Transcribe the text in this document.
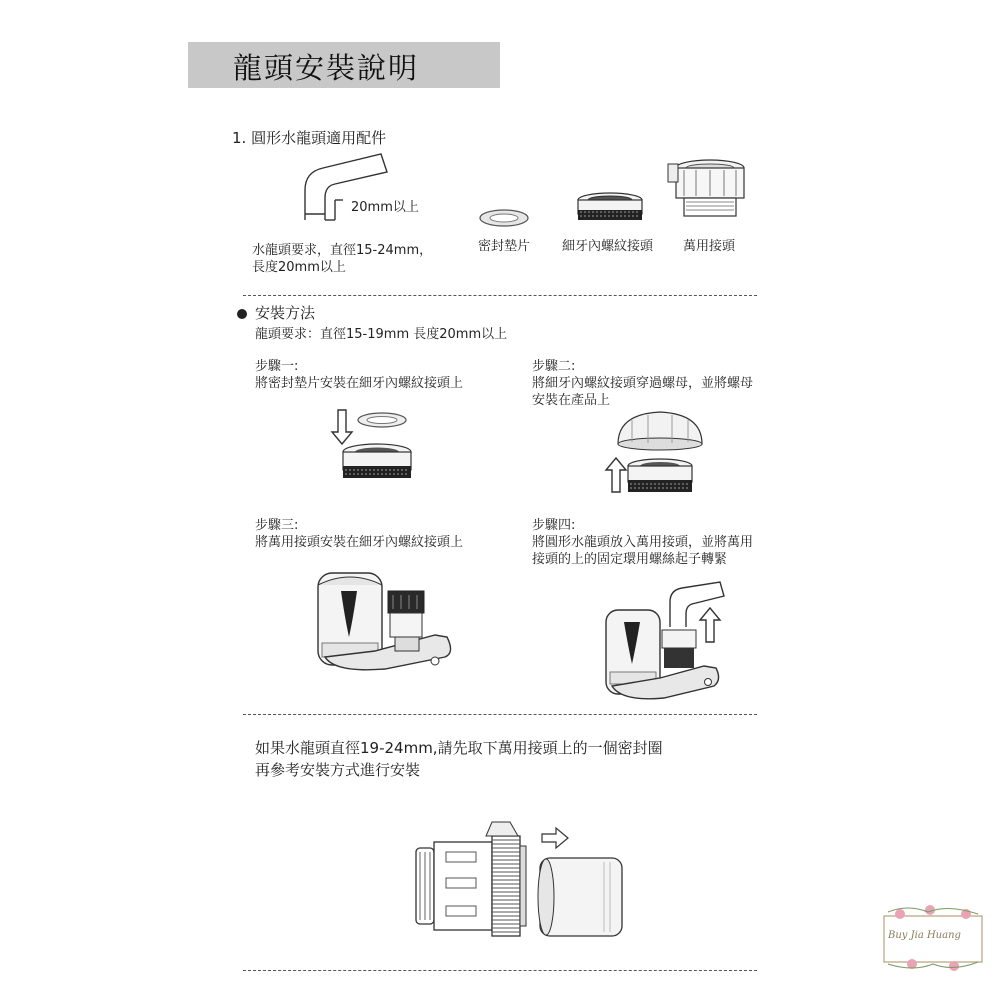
龍頭安裝說明
1. 圓形水龍頭適用配件
20mm以上
水龍頭要求，直徑15-24mm，
長度20mm以上
密封墊片 細牙內螺紋接頭 萬用接頭
安裝方法
龍頭要求：直徑15-19mm 長度20mm以上
步驟一:
將密封墊片安裝在細牙內螺紋接頭上
步驟二:
將細牙內螺紋接頭穿過螺母，並將螺母
安裝在產品上
步驟三:
將萬用接頭安裝在細牙內螺紋接頭上
步驟四:
將圓形水龍頭放入萬用接頭，並將萬用
接頭的上的固定環用螺絲起子轉緊
如果水龍頭直徑19-24mm,請先取下萬用接頭上的一個密封圈
再參考安裝方式進行安裝
Buy Jia Huang
